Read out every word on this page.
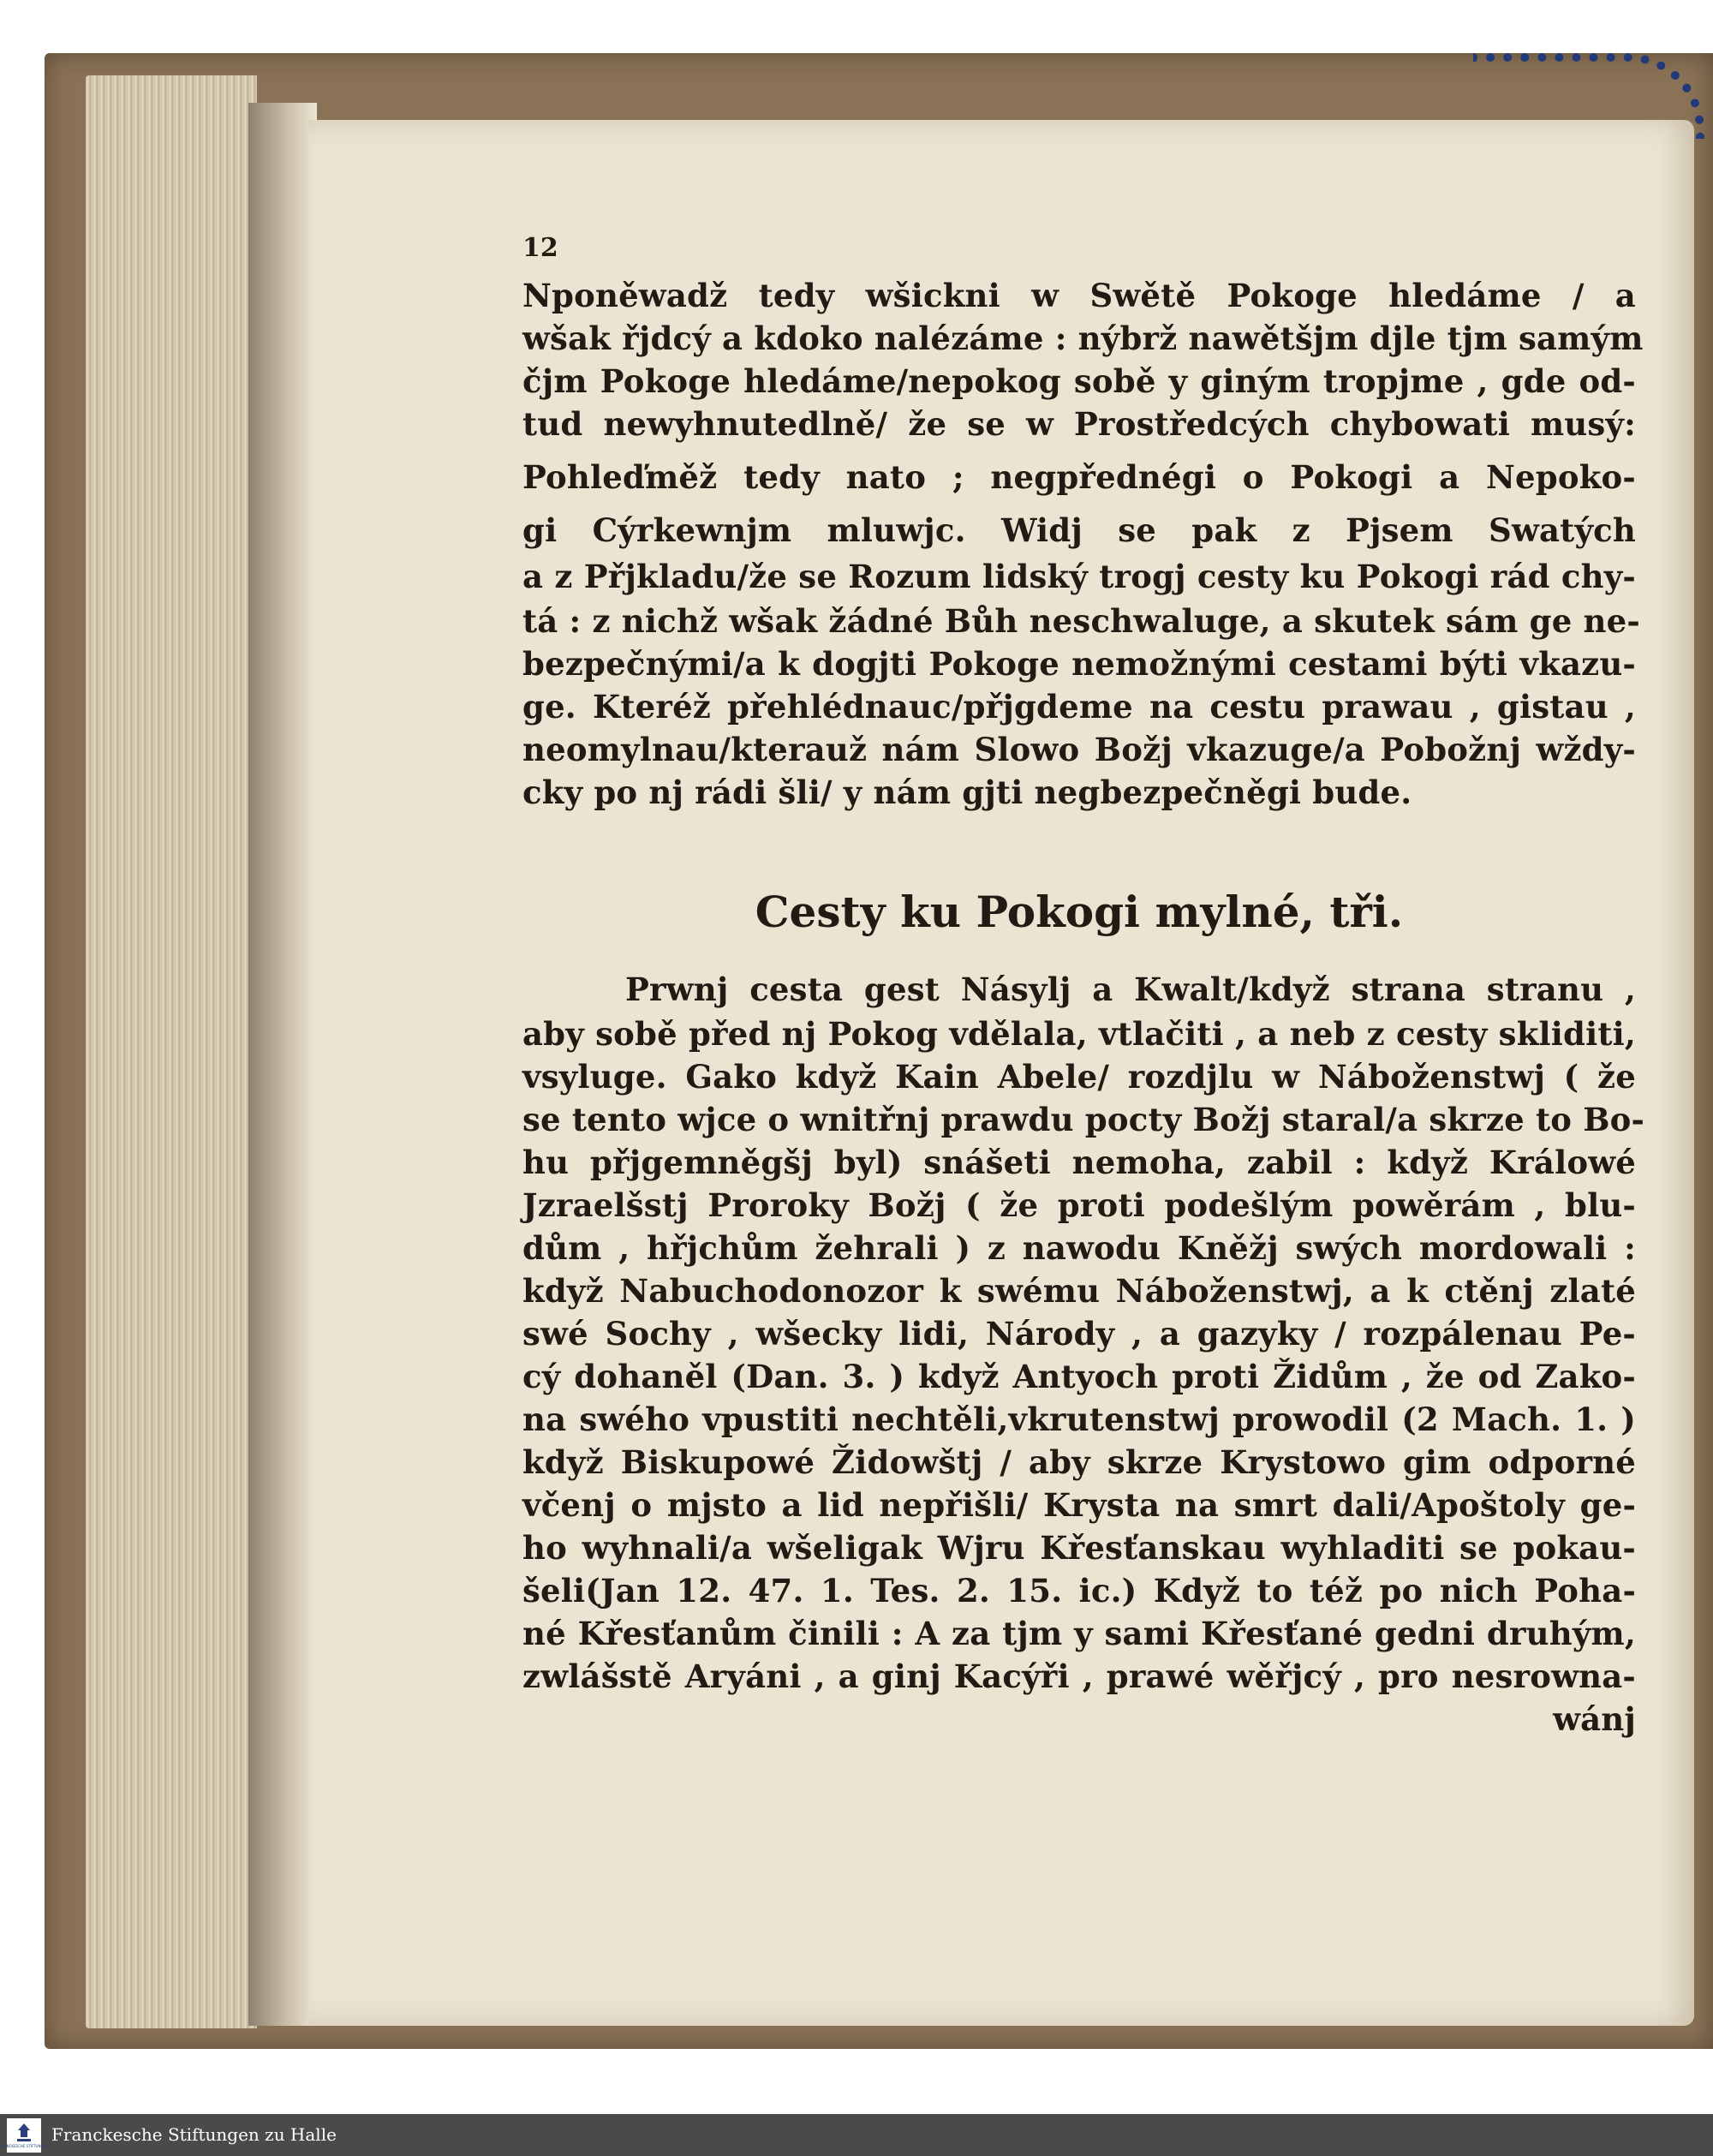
12
Nponěwadž tedy wšickni w Swětě Pokoge hledáme / a
wšak řjdcý a kdoko nalézáme : nýbrž nawětšjm djle tjm samým
čjm Pokoge hledáme/nepokog sobě y giným tropjme , gde od-
tud newyhnutedlně/ že se w Prostředcých chybowati musý:
Pohleďměž tedy nato ; negpřednégi o Pokogi a Nepoko-
gi Cýrkewnjm mluwjc. Widj se pak z Pjsem Swatých
a z Přjkladu/že se Rozum lidský trogj cesty ku Pokogi rád chy-
tá : z nichž wšak žádné Bůh neschwaluge, a skutek sám ge ne-
bezpečnými/a k dogjti Pokoge nemožnými cestami býti vkazu-
ge. Kteréž přehlédnauc/přjgdeme na cestu prawau , gistau ,
neomylnau/kterauž nám Slowo Božj vkazuge/a Pobožnj wždy-
cky po nj rádi šli/ y nám gjti negbezpečněgi bude.
Cesty ku Pokogi mylné, tři.
Prwnj cesta gest Násylj a Kwalt/když strana stranu ,
aby sobě před nj Pokog vdělala, vtlačiti , a neb z cesty skliditi,
vsyluge. Gako když Kain Abele/ rozdjlu w Náboženstwj ( že
se tento wjce o wnitřnj prawdu pocty Božj staral/a skrze to Bo-
hu přjgemněgšj byl) snášeti nemoha, zabil : když Králowé
Jzraelšstj Proroky Božj ( že proti podešlým powěrám , blu-
dům , hřjchům žehrali ) z nawodu Kněžj swých mordowali :
když Nabuchodonozor k swému Náboženstwj, a k ctěnj zlaté
swé Sochy , wšecky lidi, Národy , a gazyky / rozpálenau Pe-
cý dohaněl (Dan. 3. ) když Antyoch proti Židům , že od Zako-
na swého vpustiti nechtěli,vkrutenstwj prowodil (2 Mach. 1. )
když Biskupowé Židowštj / aby skrze Krystowo gim odporné
včenj o mjsto a lid nepřišli/ Krysta na smrt dali/Apoštoly ge-
ho wyhnali/a wšeligak Wjru Křesťanskau wyhladiti se pokau-
šeli(Jan 12. 47. 1. Tes. 2. 15. ic.) Když to též po nich Poha-
né Křesťanům činili : A za tjm y sami Křesťané gedni druhým,
zwlášstě Aryáni , a ginj Kacýři , prawé wěřjcý , pro nesrowna-
wánj
FRANCKESCHE STIFTUNGEN
Franckesche Stiftungen zu Halle
